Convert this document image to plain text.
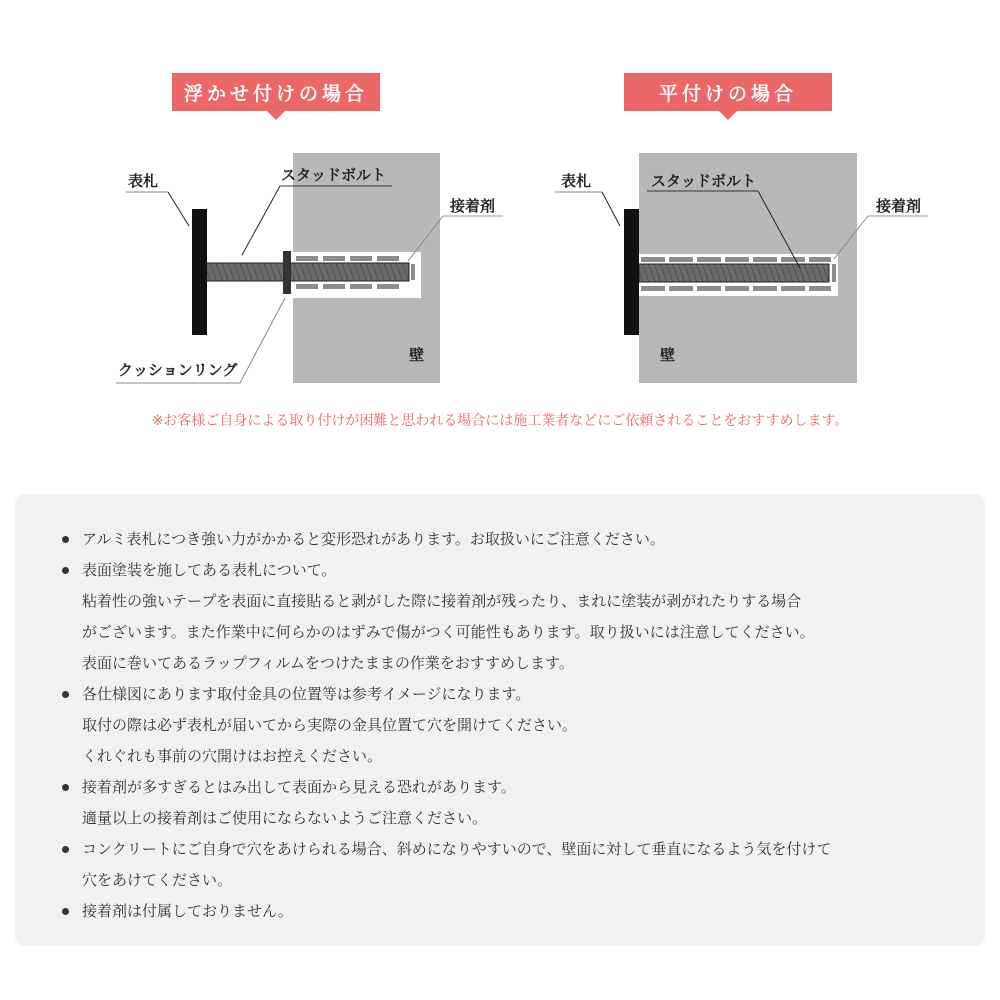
浮かせ付けの場合	平付けの場合
表札	スタッドボルト
接着剤
クッションリング
壁
表札	スタッドボルト
接着剤
壁
※お客様ご自身による取り付けが困難と思われる場合には施工業者などにご依頼されることをおすすめします。
アルミ表札につき強い力がかかると変形恐れがあります。お取扱いにご注意ください。
表面塗装を施してある表札について。
粘着性の強いテープを表面に直接貼ると剥がした際に接着剤が残ったり、まれに塗装が剥がれたりする場合
がございます。また作業中に何らかのはずみで傷がつく可能性もあります。取り扱いには注意してください。
表面に巻いてあるラップフィルムをつけたままの作業をおすすめします。
各仕様図にあります取付金具の位置等は参考イメージになります。
取付の際は必ず表札が届いてから実際の金具位置て穴を開けてください。
くれぐれも事前の穴開けはお控えください。
接着剤が多すぎるとはみ出して表面から見える恐れがあります。
適量以上の接着剤はご使用にならないようご注意ください。
コンクリートにご自身で穴をあけられる場合、斜めになりやすいので、壁面に対して垂直になるよう気を付けて
穴をあけてください。
接着剤は付属しておりません。
